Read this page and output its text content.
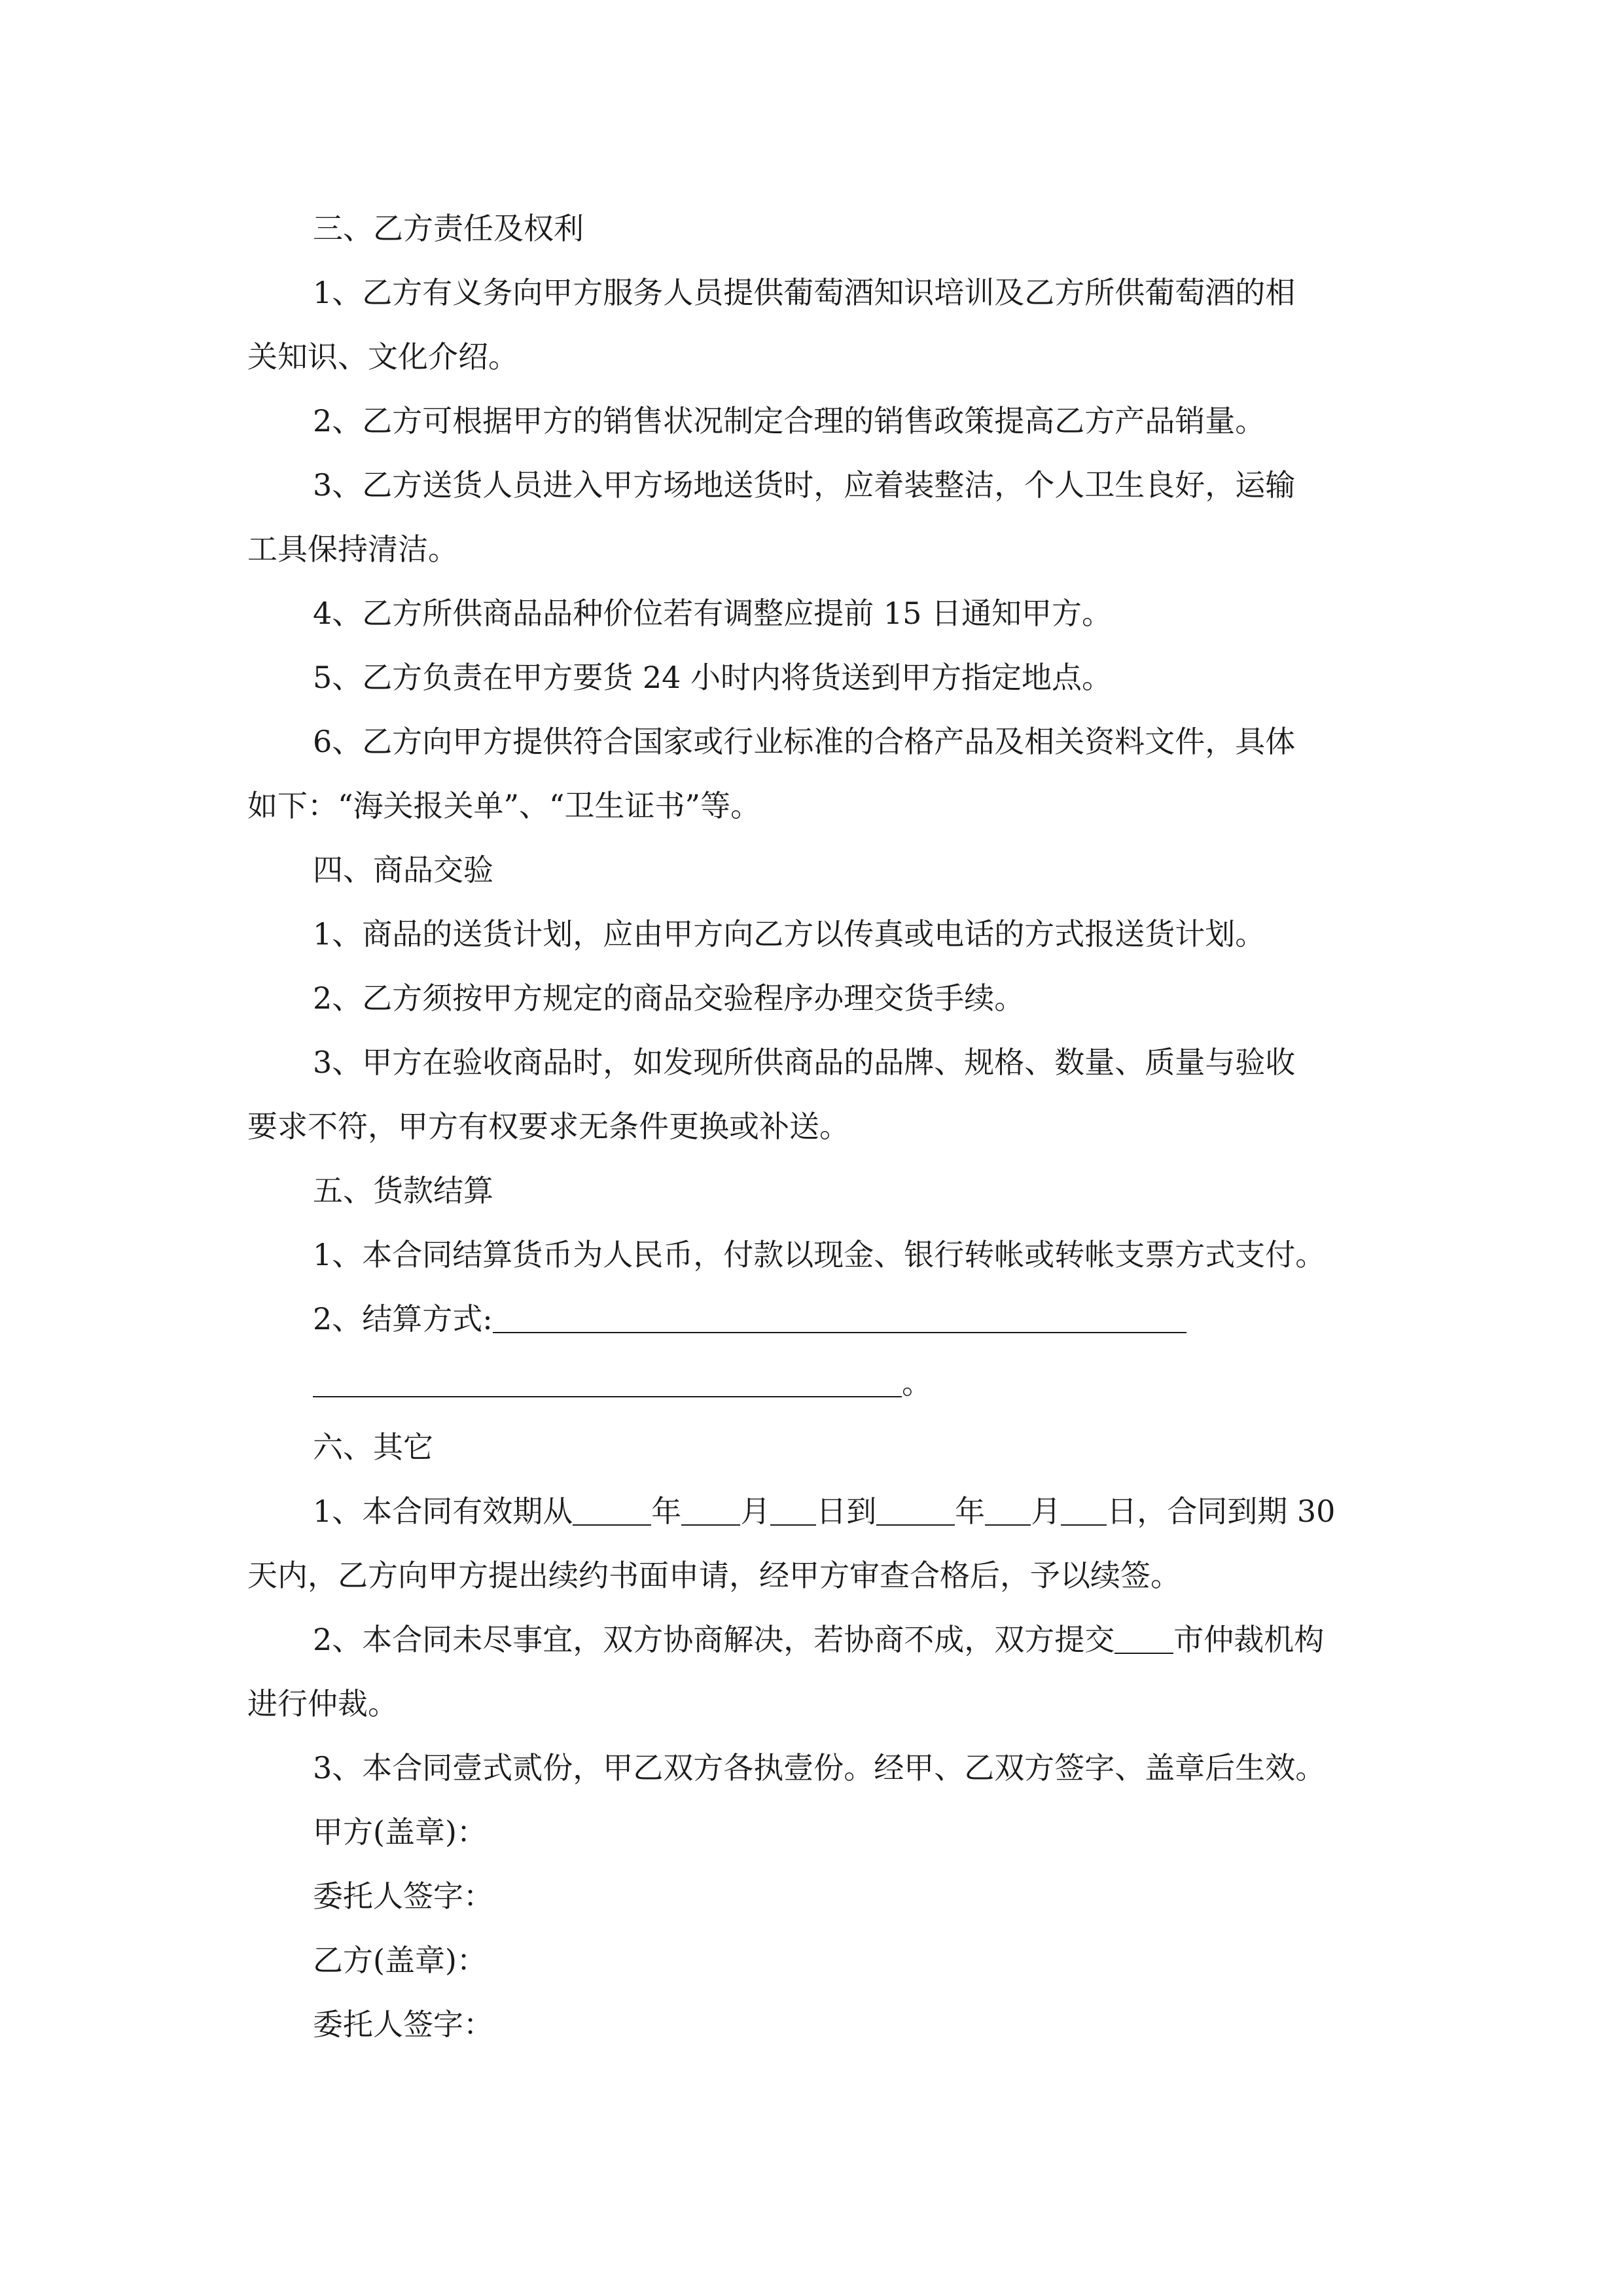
三、乙方责任及权利
1、乙方有义务向甲方服务人员提供葡萄酒知识培训及乙方所供葡萄酒的相
关知识、文化介绍。
2、乙方可根据甲方的销售状况制定合理的销售政策提高乙方产品销量。
3、乙方送货人员进入甲方场地送货时，应着装整洁，个人卫生良好，运输
工具保持清洁。
4、乙方所供商品品种价位若有调整应提前 15 日通知甲方。
5、乙方负责在甲方要货 24 小时内将货送到甲方指定地点。
6、乙方向甲方提供符合国家或行业标准的合格产品及相关资料文件，具体
如下：“海关报关单”、“卫生证书”等。
四、商品交验
1、商品的送货计划，应由甲方向乙方以传真或电话的方式报送货计划。
2、乙方须按甲方规定的商品交验程序办理交货手续。
3、甲方在验收商品时，如发现所供商品的品牌、规格、数量、质量与验收
要求不符，甲方有权要求无条件更换或补送。
五、货款结算
1、本合同结算货币为人民币，付款以现金、银行转帐或转帐支票方式支付。
2、结算方式:
。
六、其它
1、本合同有效期从	年 月 日到	年 月 日，合同到期 30
天内，乙方向甲方提出续约书面申请，经甲方审查合格后，予以续签。
2、本合同未尽事宜，双方协商解决，若协商不成，双方提交 市仲裁机构
进行仲裁。
3、本合同壹式贰份，甲乙双方各执壹份。经甲、乙双方签字、盖章后生效。
甲方(盖章)：
委托人签字：
乙方(盖章)：
委托人签字：
